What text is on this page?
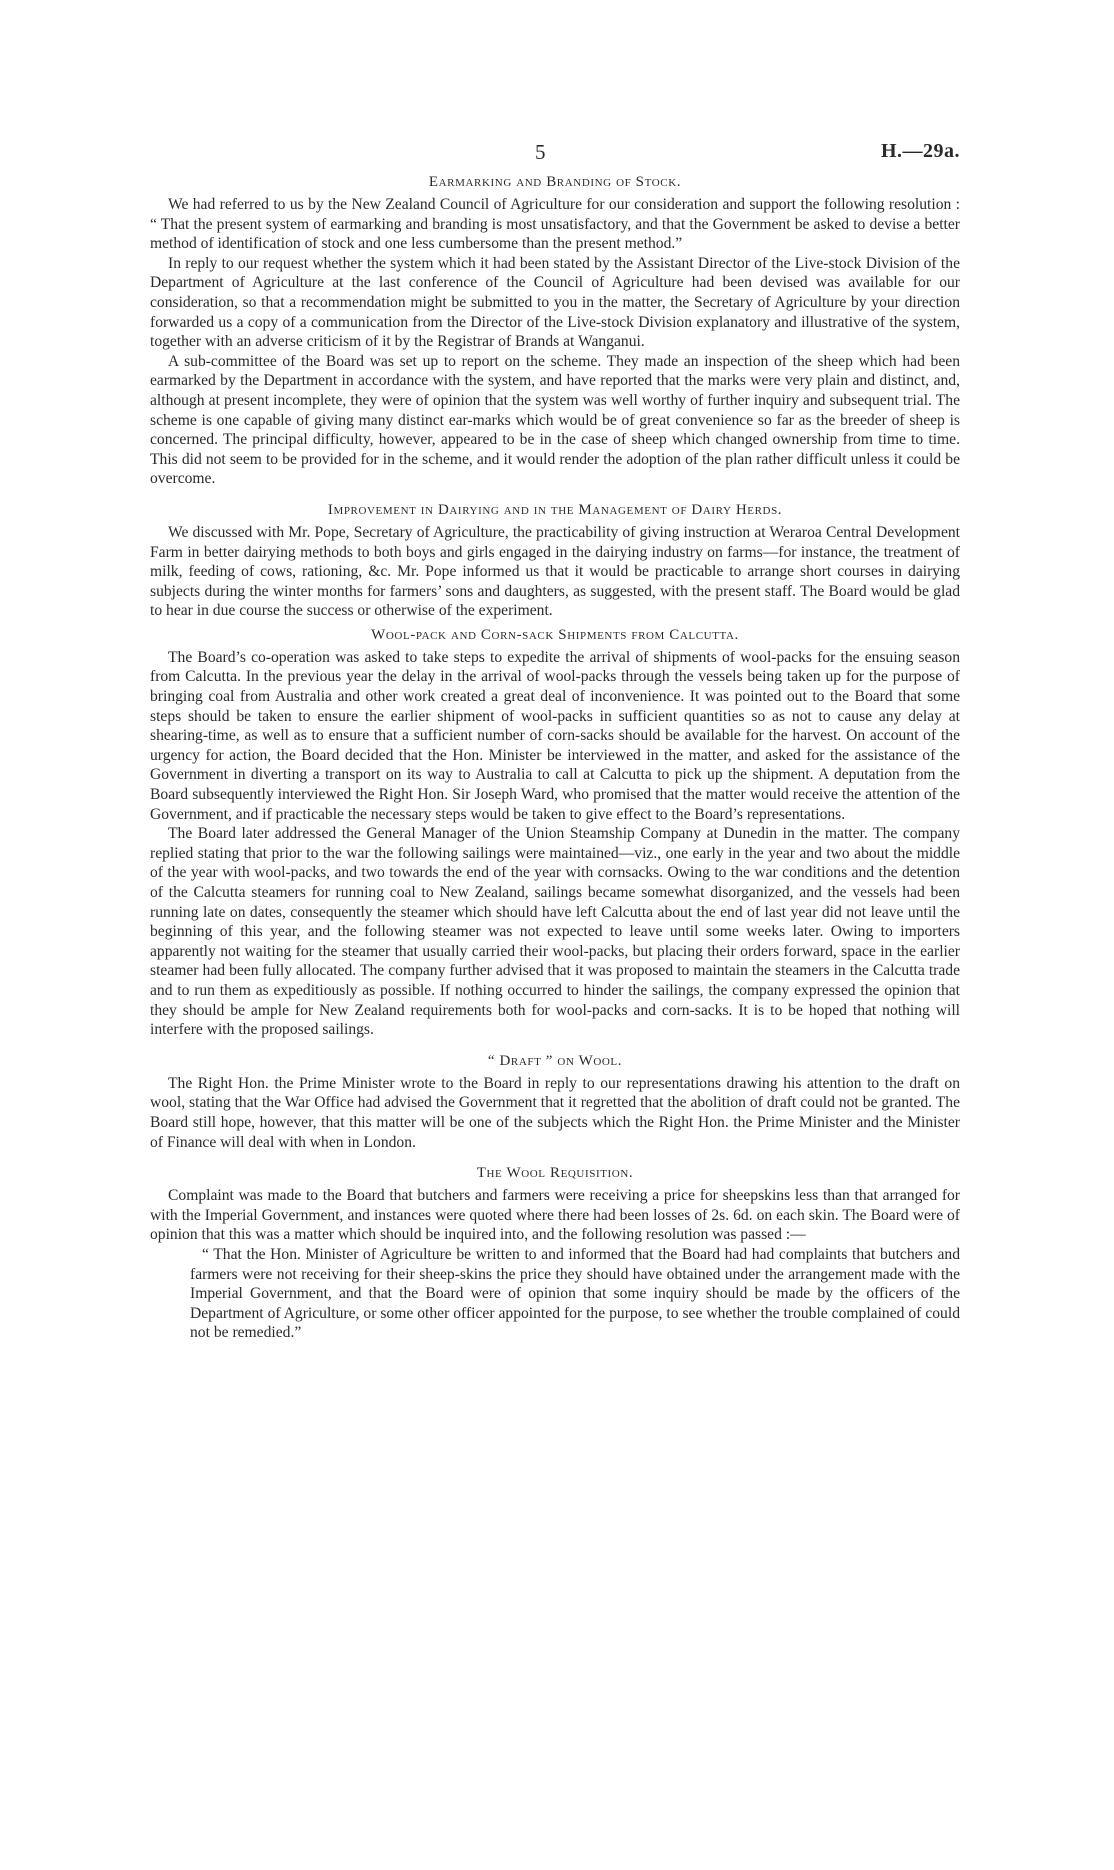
5	H.—29a.
Earmarking and Branding of Stock.

We had referred to us by the New Zealand Council of Agriculture for our consideration and support the following resolution : “ That the present system of earmarking and branding is most unsatisfactory, and that the Government be asked to devise a better method of identification of stock and one less cumbersome than the present method.”

In reply to our request whether the system which it had been stated by the Assistant Director of the Live-stock Division of the Department of Agriculture at the last conference of the Council of Agriculture had been devised was available for our consideration, so that a recommendation might be submitted to you in the matter, the Secretary of Agriculture by your direction forwarded us a copy of a communication from the Director of the Live-stock Division explanatory and illustrative of the system, together with an adverse criticism of it by the Registrar of Brands at Wanganui.

A sub-committee of the Board was set up to report on the scheme. They made an inspection of the sheep which had been earmarked by the Department in accordance with the system, and have reported that the marks were very plain and distinct, and, although at present incomplete, they were of opinion that the system was well worthy of further inquiry and subsequent trial. The scheme is one capable of giving many distinct ear-marks which would be of great convenience so far as the breeder of sheep is concerned. The principal difficulty, however, appeared to be in the case of sheep which changed ownership from time to time. This did not seem to be provided for in the scheme, and it would render the adoption of the plan rather difficult unless it could be overcome.

Improvement in Dairying and in the Management of Dairy Herds.

We discussed with Mr. Pope, Secretary of Agriculture, the practicability of giving instruction at Weraroa Central Development Farm in better dairying methods to both boys and girls engaged in the dairying industry on farms—for instance, the treatment of milk, feeding of cows, rationing, &c. Mr. Pope informed us that it would be practicable to arrange short courses in dairying subjects during the winter months for farmers’ sons and daughters, as suggested, with the present staff. The Board would be glad to hear in due course the success or otherwise of the experiment.

Wool-pack and Corn-sack Shipments from Calcutta.

The Board’s co-operation was asked to take steps to expedite the arrival of shipments of wool-packs for the ensuing season from Calcutta. In the previous year the delay in the arrival of wool-packs through the vessels being taken up for the purpose of bringing coal from Australia and other work created a great deal of inconvenience. It was pointed out to the Board that some steps should be taken to ensure the earlier shipment of wool-packs in sufficient quantities so as not to cause any delay at shearing-time, as well as to ensure that a sufficient number of corn-sacks should be available for the harvest. On account of the urgency for action, the Board decided that the Hon. Minister be interviewed in the matter, and asked for the assistance of the Government in diverting a transport on its way to Australia to call at Calcutta to pick up the shipment. A deputation from the Board subsequently interviewed the Right Hon. Sir Joseph Ward, who promised that the matter would receive the attention of the Government, and if practicable the necessary steps would be taken to give effect to the Board’s representations.

The Board later addressed the General Manager of the Union Steamship Company at Dunedin in the matter. The company replied stating that prior to the war the following sailings were maintained—viz., one early in the year and two about the middle of the year with wool-packs, and two towards the end of the year with cornsacks. Owing to the war conditions and the detention of the Calcutta steamers for running coal to New Zealand, sailings became somewhat disorganized, and the vessels had been running late on dates, consequently the steamer which should have left Calcutta about the end of last year did not leave until the beginning of this year, and the following steamer was not expected to leave until some weeks later. Owing to importers apparently not waiting for the steamer that usually carried their wool-packs, but placing their orders forward, space in the earlier steamer had been fully allocated. The company further advised that it was proposed to maintain the steamers in the Calcutta trade and to run them as expeditiously as possible. If nothing occurred to hinder the sailings, the company expressed the opinion that they should be ample for New Zealand requirements both for wool-packs and corn-sacks. It is to be hoped that nothing will interfere with the proposed sailings.

“ Draft ” on Wool.

The Right Hon. the Prime Minister wrote to the Board in reply to our representations drawing his attention to the draft on wool, stating that the War Office had advised the Government that it regretted that the abolition of draft could not be granted. The Board still hope, however, that this matter will be one of the subjects which the Right Hon. the Prime Minister and the Minister of Finance will deal with when in London.

The Wool Requisition.

Complaint was made to the Board that butchers and farmers were receiving a price for sheepskins less than that arranged for with the Imperial Government, and instances were quoted where there had been losses of 2s. 6d. on each skin. The Board were of opinion that this was a matter which should be inquired into, and the following resolution was passed :—

“ That the Hon. Minister of Agriculture be written to and informed that the Board had had complaints that butchers and farmers were not receiving for their sheep-skins the price they should have obtained under the arrangement made with the Imperial Government, and that the Board were of opinion that some inquiry should be made by the officers of the Department of Agriculture, or some other officer appointed for the purpose, to see whether the trouble complained of could not be remedied.”
